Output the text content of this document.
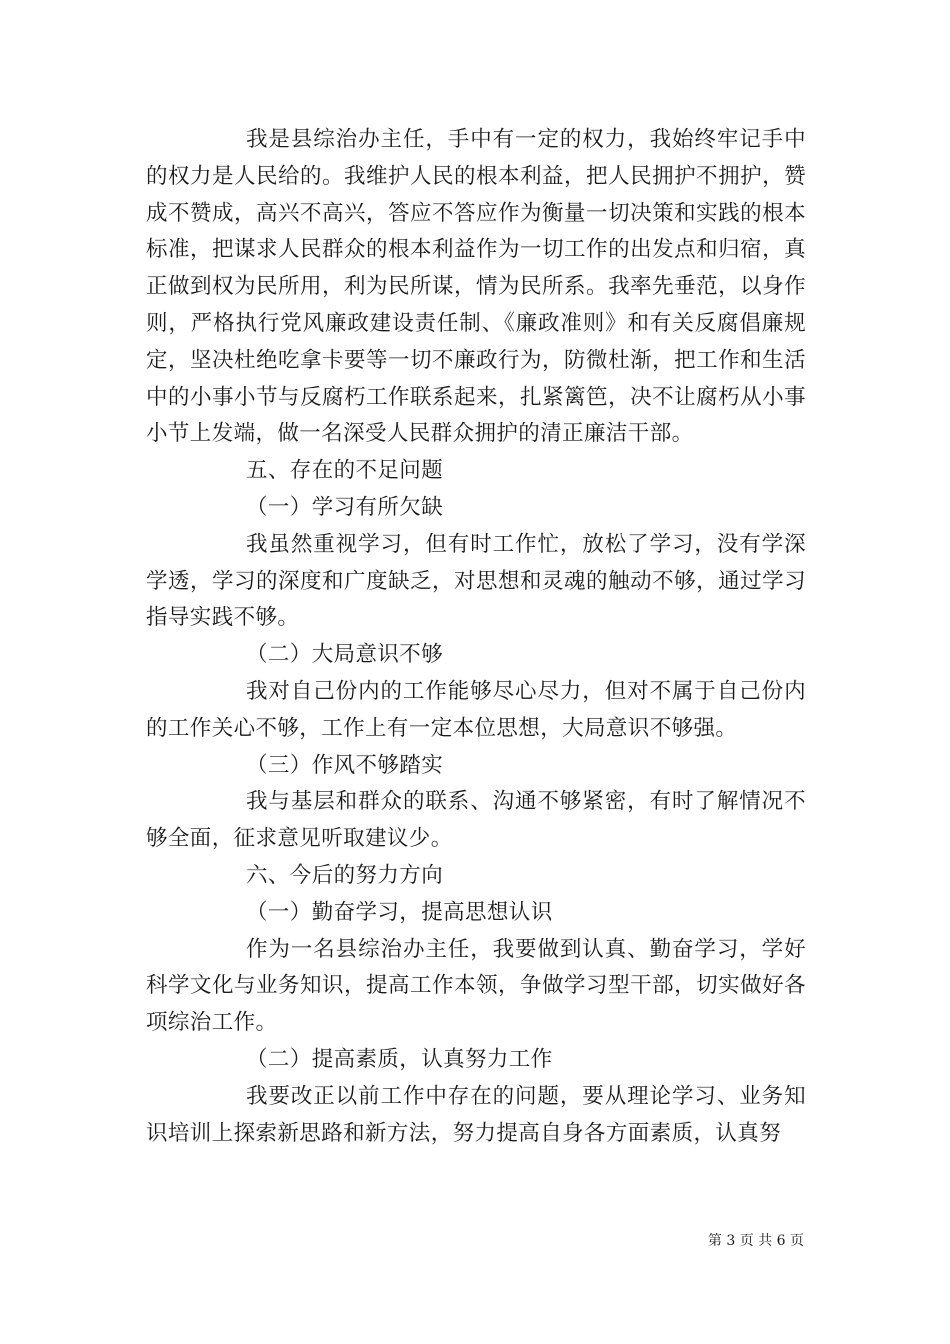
我是县综治办主任，手中有一定的权力，我始终牢记手中的权力是人民给的。我维护人民的根本利益，把人民拥护不拥护，赞成不赞成，高兴不高兴，答应不答应作为衡量一切决策和实践的根本标准，把谋求人民群众的根本利益作为一切工作的出发点和归宿，真正做到权为民所用，利为民所谋，情为民所系。我率先垂范，以身作则，严格执行党风廉政建设责任制、《廉政准则》和有关反腐倡廉规定，坚决杜绝吃拿卡要等一切不廉政行为，防微杜渐，把工作和生活中的小事小节与反腐朽工作联系起来，扎紧篱笆，决不让腐朽从小事小节上发端，做一名深受人民群众拥护的清正廉洁干部。

五、存在的不足问题

（一）学习有所欠缺

我虽然重视学习，但有时工作忙，放松了学习，没有学深学透，学习的深度和广度缺乏，对思想和灵魂的触动不够，通过学习指导实践不够。

（二）大局意识不够

我对自己份内的工作能够尽心尽力，但对不属于自己份内的工作关心不够，工作上有一定本位思想，大局意识不够强。

（三）作风不够踏实

我与基层和群众的联系、沟通不够紧密，有时了解情况不够全面，征求意见听取建议少。

六、今后的努力方向

（一）勤奋学习，提高思想认识

作为一名县综治办主任，我要做到认真、勤奋学习，学好科学文化与业务知识，提高工作本领，争做学习型干部，切实做好各项综治工作。

（二）提高素质，认真努力工作

我要改正以前工作中存在的问题，要从理论学习、业务知识培训上探索新思路和新方法，努力提高自身各方面素质，认真努

第 3 页 共 6 页
